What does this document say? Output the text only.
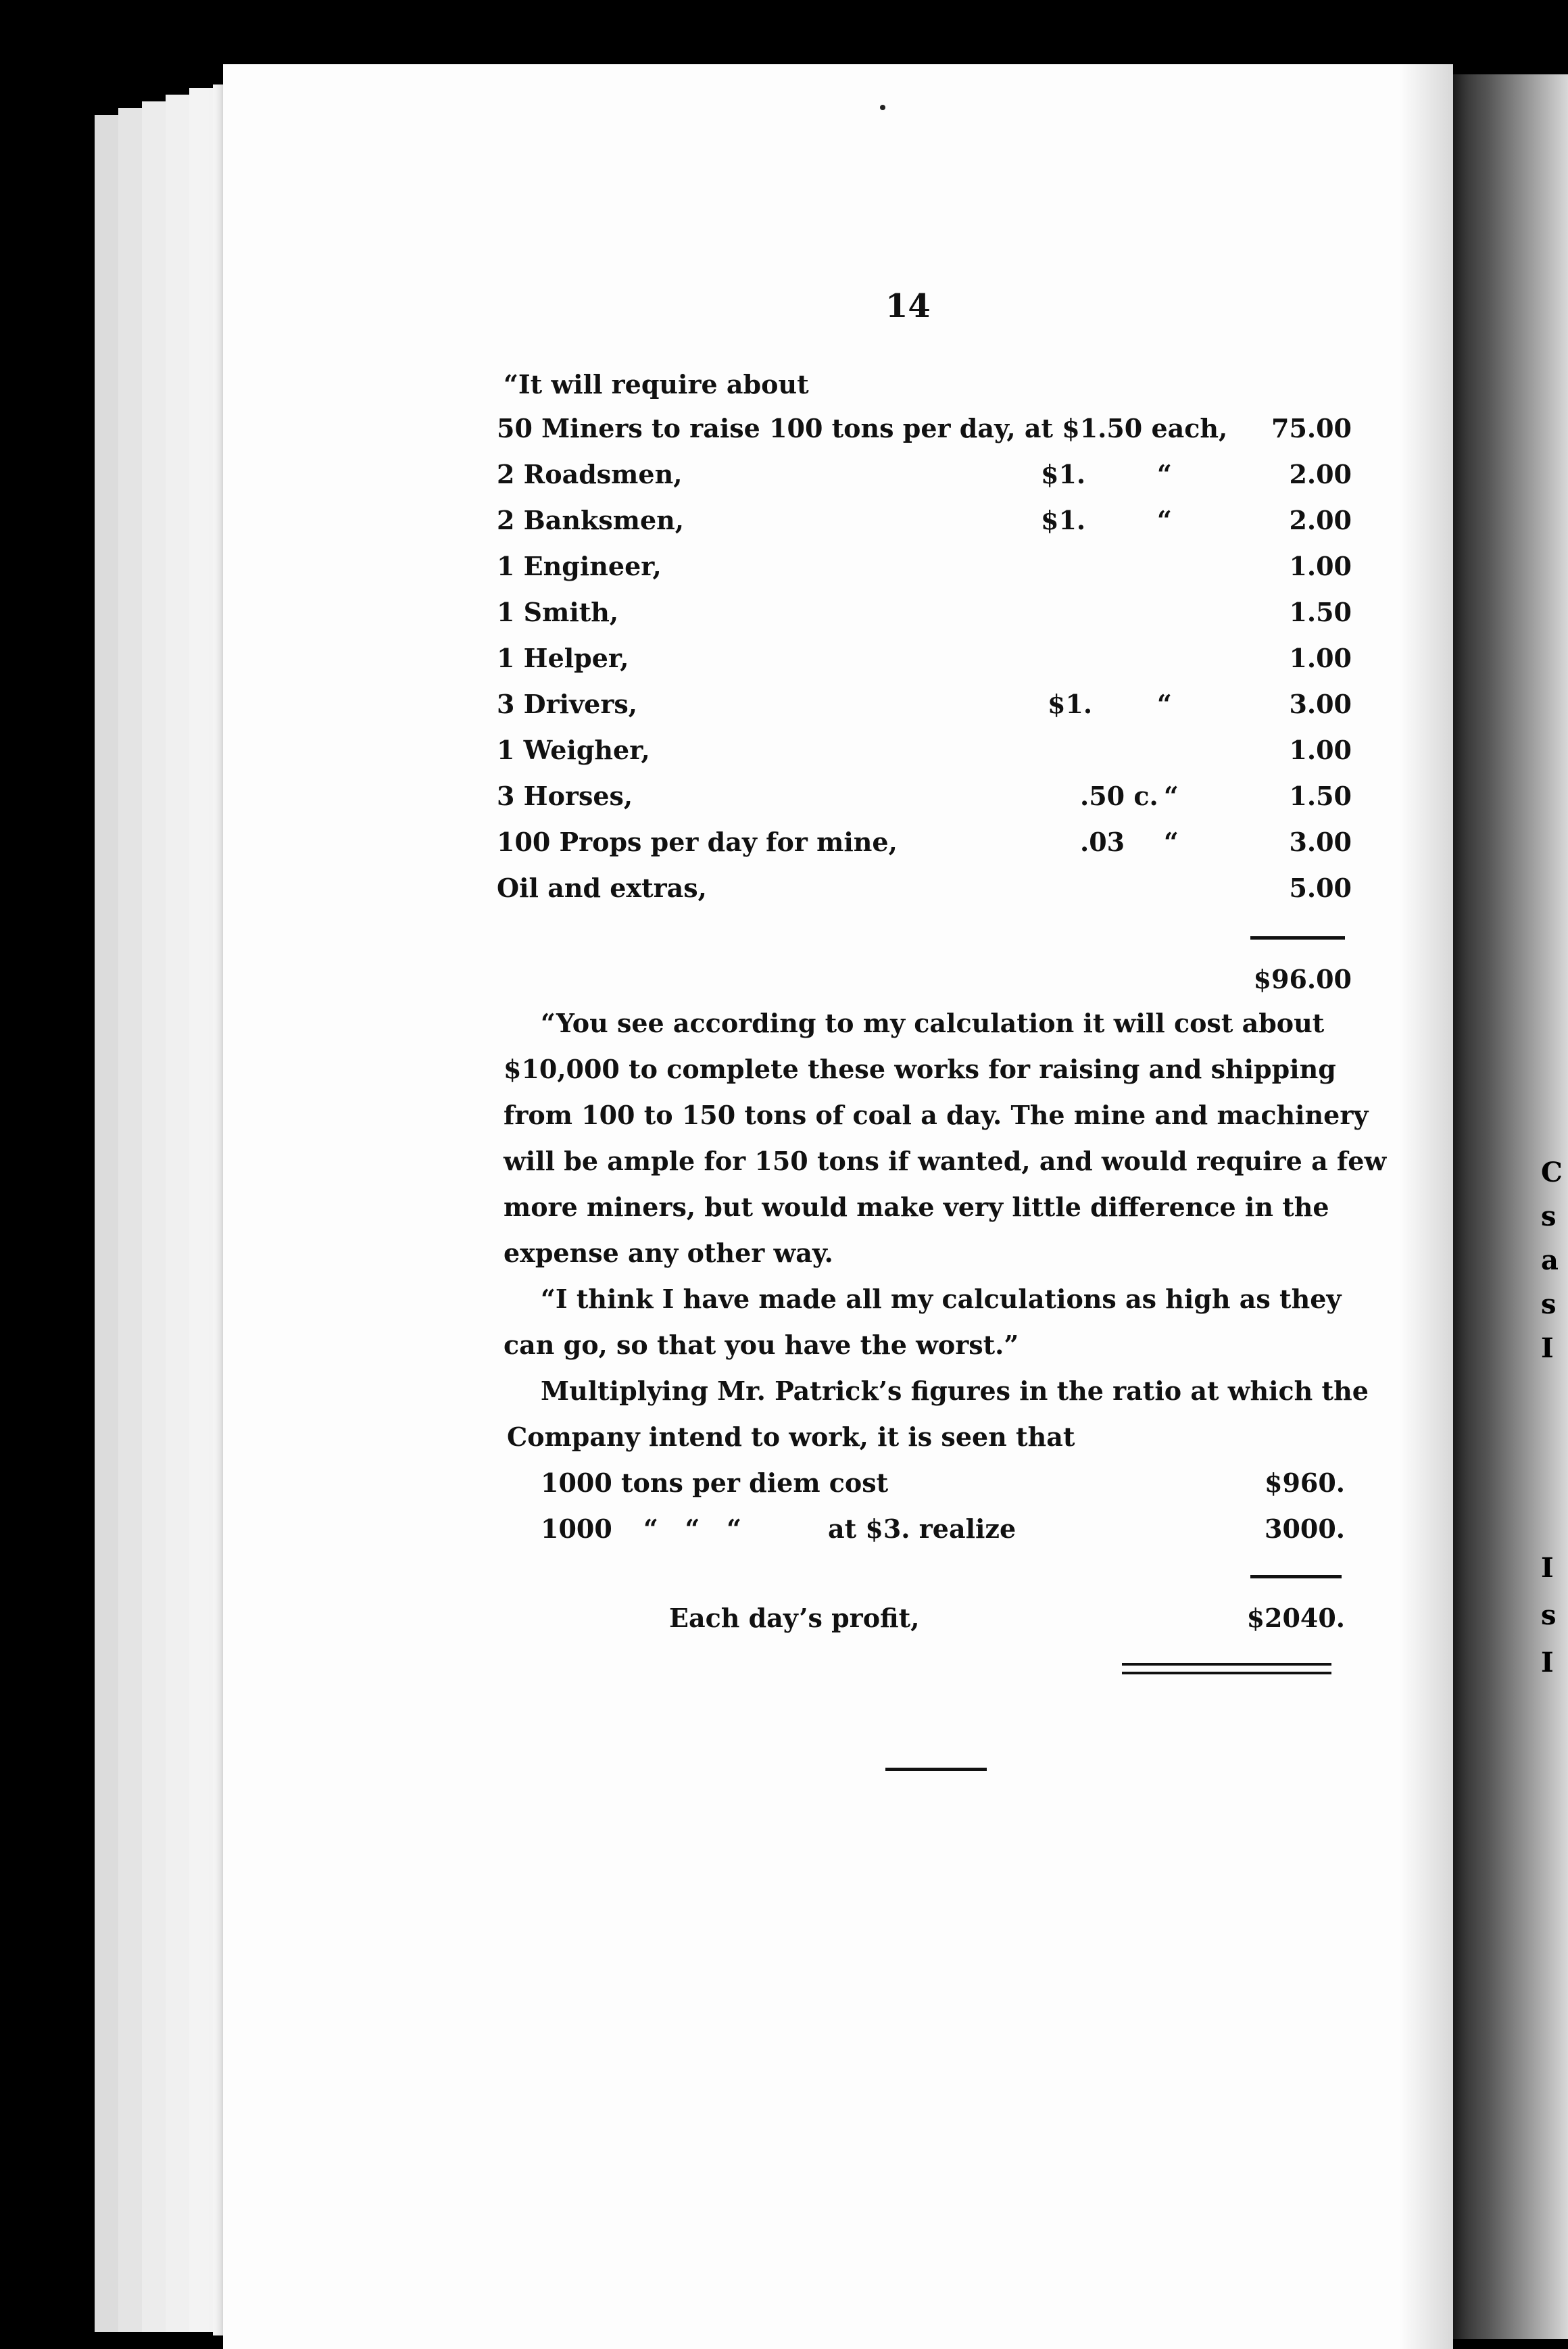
C
s
a
s
I
I
s
I
14
“It will require about
50 Miners to raise 100 tons per day, at $1.50 each,	75.00
2 Roadsmen,	$1.	“	2.00
2 Banksmen,	$1.	“	2.00
1 Engineer,	1.00
1 Smith,	1.50
1 Helper,	1.00
3 Drivers,	$1.	“	3.00
1 Weigher,	1.00
3 Horses,	.50 c. “	1.50
100 Props per day for mine,	.03 “	3.00
Oil and extras,	5.00
$96.00
“You see according to my calculation it will cost about
$10,000 to complete these works for raising and shipping
from 100 to 150 tons of coal a day. The mine and machinery
will be ample for 150 tons if wanted, and would require a few
more miners, but would make very little difference in the
expense any other way.
“I think I have made all my calculations as high as they
can go, so that you have the worst.”
Multiplying Mr. Patrick’s figures in the ratio at which the
Company intend to work, it is seen that
1000 tons per diem cost	$960.
1000 “   “   “	at $3. realize	3000.
Each day’s profit,	$2040.
